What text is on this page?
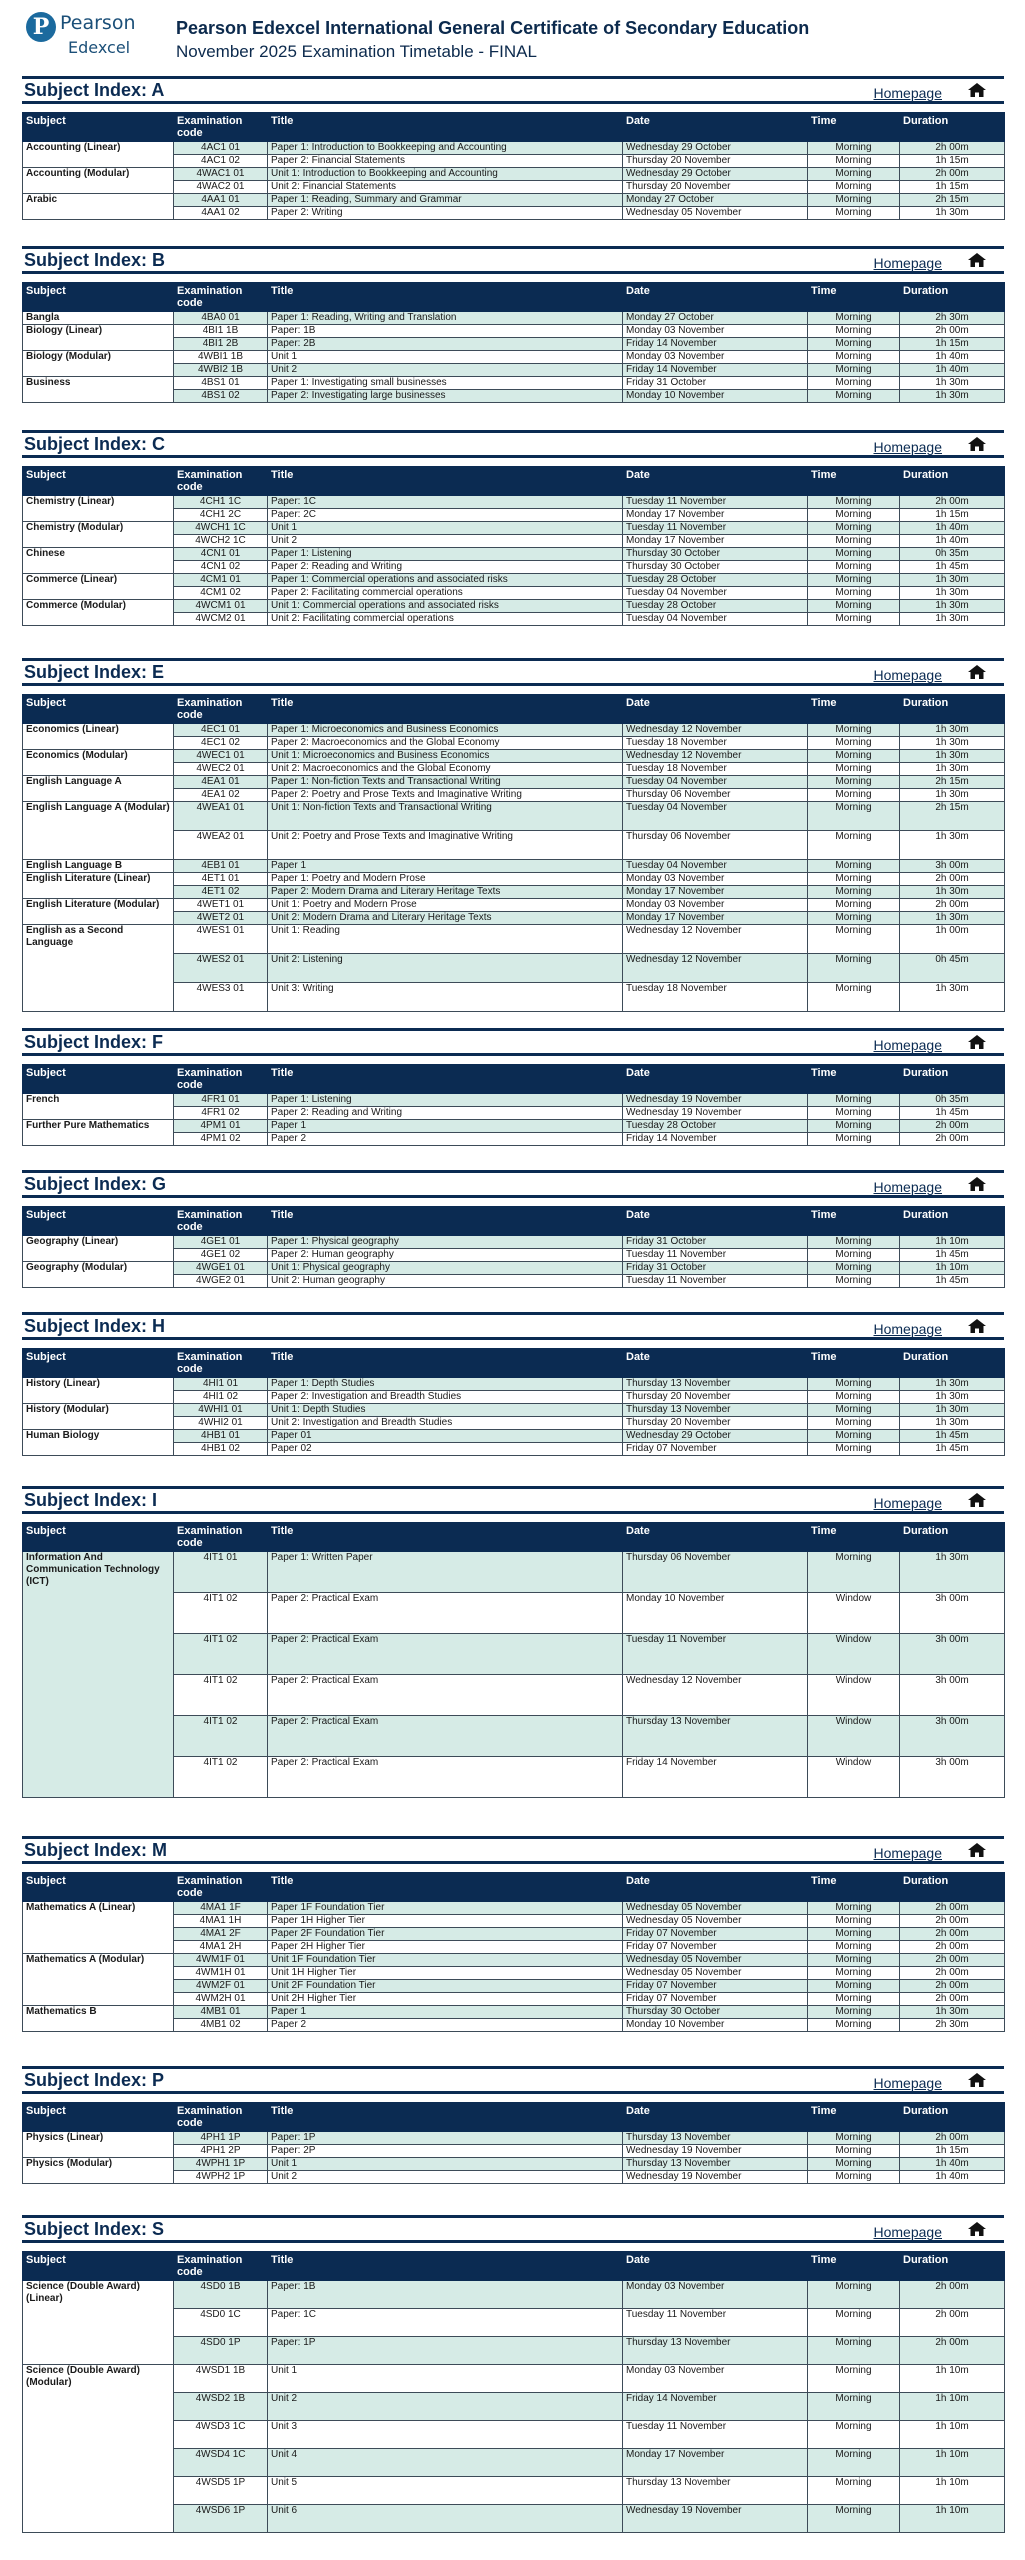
P Pearson
Edexcel
Pearson Edexcel International General Certificate of Secondary Education
November 2025 Examination Timetable - FINAL
Subject Index: A	Homepage
Subject	Examination code	Title	Date	Time	Duration
Accounting (Linear)	4AC1 01	Paper 1: Introduction to Bookkeeping and Accounting	Wednesday 29 October	Morning	2h 00m
	4AC1 02	Paper 2: Financial Statements	Thursday 20 November	Morning	1h 15m
Accounting (Modular)	4WAC1 01	Unit 1: Introduction to Bookkeeping and Accounting	Wednesday 29 October	Morning	2h 00m
	4WAC2 01	Unit 2: Financial Statements	Thursday 20 November	Morning	1h 15m
Arabic	4AA1 01	Paper 1: Reading, Summary and Grammar	Monday 27 October	Morning	2h 15m
	4AA1 02	Paper 2: Writing	Wednesday 05 November	Morning	1h 30m
Subject Index: B	Homepage
Subject	Examination code	Title	Date	Time	Duration
Bangla	4BA0 01	Paper 1: Reading, Writing and Translation	Monday 27 October	Morning	2h 30m
Biology (Linear)	4BI1 1B	Paper: 1B	Monday 03 November	Morning	2h 00m
	4BI1 2B	Paper: 2B	Friday 14 November	Morning	1h 15m
Biology (Modular)	4WBI1 1B	Unit 1	Monday 03 November	Morning	1h 40m
	4WBI2 1B	Unit 2	Friday 14 November	Morning	1h 40m
Business	4BS1 01	Paper 1: Investigating small businesses	Friday 31 October	Morning	1h 30m
	4BS1 02	Paper 2: Investigating large businesses	Monday 10 November	Morning	1h 30m
Subject Index: C	Homepage
Subject	Examination code	Title	Date	Time	Duration
Chemistry (Linear)	4CH1 1C	Paper: 1C	Tuesday 11 November	Morning	2h 00m
	4CH1 2C	Paper: 2C	Monday 17 November	Morning	1h 15m
Chemistry (Modular)	4WCH1 1C	Unit 1	Tuesday 11 November	Morning	1h 40m
	4WCH2 1C	Unit 2	Monday 17 November	Morning	1h 40m
Chinese	4CN1 01	Paper 1: Listening	Thursday 30 October	Morning	0h 35m
	4CN1 02	Paper 2: Reading and Writing	Thursday 30 October	Morning	1h 45m
Commerce (Linear)	4CM1 01	Paper 1: Commercial operations and associated risks	Tuesday 28 October	Morning	1h 30m
	4CM1 02	Paper 2: Facilitating commercial operations	Tuesday 04 November	Morning	1h 30m
Commerce (Modular)	4WCM1 01	Unit 1: Commercial operations and associated risks	Tuesday 28 October	Morning	1h 30m
	4WCM2 01	Unit 2: Facilitating commercial operations	Tuesday 04 November	Morning	1h 30m
Subject Index: E	Homepage
Subject	Examination code	Title	Date	Time	Duration
Economics (Linear)	4EC1 01	Paper 1: Microeconomics and Business Economics	Wednesday 12 November	Morning	1h 30m
	4EC1 02	Paper 2: Macroeconomics and the Global Economy	Tuesday 18 November	Morning	1h 30m
Economics (Modular)	4WEC1 01	Unit 1: Microeconomics and Business Economics	Wednesday 12 November	Morning	1h 30m
	4WEC2 01	Unit 2: Macroeconomics and the Global Economy	Tuesday 18 November	Morning	1h 30m
English Language A	4EA1 01	Paper 1: Non-fiction Texts and Transactional Writing	Tuesday 04 November	Morning	2h 15m
	4EA1 02	Paper 2: Poetry and Prose Texts and Imaginative Writing	Thursday 06 November	Morning	1h 30m
English Language A (Modular)	4WEA1 01	Unit 1: Non-fiction Texts and Transactional Writing	Tuesday 04 November	Morning	2h 15m
	4WEA2 01	Unit 2: Poetry and Prose Texts and Imaginative Writing	Thursday 06 November	Morning	1h 30m
English Language B	4EB1 01	Paper 1	Tuesday 04 November	Morning	3h 00m
English Literature (Linear)	4ET1 01	Paper 1: Poetry and Modern Prose	Monday 03 November	Morning	2h 00m
	4ET1 02	Paper 2: Modern Drama and Literary Heritage Texts	Monday 17 November	Morning	1h 30m
English Literature (Modular)	4WET1 01	Unit 1: Poetry and Modern Prose	Monday 03 November	Morning	2h 00m
	4WET2 01	Unit 2: Modern Drama and Literary Heritage Texts	Monday 17 November	Morning	1h 30m
English as a Second Language	4WES1 01	Unit 1: Reading	Wednesday 12 November	Morning	1h 00m
	4WES2 01	Unit 2: Listening	Wednesday 12 November	Morning	0h 45m
	4WES3 01	Unit 3: Writing	Tuesday 18 November	Morning	1h 30m
Subject Index: F	Homepage
Subject	Examination code	Title	Date	Time	Duration
French	4FR1 01	Paper 1: Listening	Wednesday 19 November	Morning	0h 35m
	4FR1 02	Paper 2: Reading and Writing	Wednesday 19 November	Morning	1h 45m
Further Pure Mathematics	4PM1 01	Paper 1	Tuesday 28 October	Morning	2h 00m
	4PM1 02	Paper 2	Friday 14 November	Morning	2h 00m
Subject Index: G	Homepage
Subject	Examination code	Title	Date	Time	Duration
Geography (Linear)	4GE1 01	Paper 1: Physical geography	Friday 31 October	Morning	1h 10m
	4GE1 02	Paper 2: Human geography	Tuesday 11 November	Morning	1h 45m
Geography (Modular)	4WGE1 01	Unit 1: Physical geography	Friday 31 October	Morning	1h 10m
	4WGE2 01	Unit 2: Human geography	Tuesday 11 November	Morning	1h 45m
Subject Index: H	Homepage
Subject	Examination code	Title	Date	Time	Duration
History (Linear)	4HI1 01	Paper 1: Depth Studies	Thursday 13 November	Morning	1h 30m
	4HI1 02	Paper 2: Investigation and Breadth Studies	Thursday 20 November	Morning	1h 30m
History (Modular)	4WHI1 01	Unit 1: Depth Studies	Thursday 13 November	Morning	1h 30m
	4WHI2 01	Unit 2: Investigation and Breadth Studies	Thursday 20 November	Morning	1h 30m
Human Biology	4HB1 01	Paper 01	Wednesday 29 October	Morning	1h 45m
	4HB1 02	Paper 02	Friday 07 November	Morning	1h 45m
Subject Index: I	Homepage
Subject	Examination code	Title	Date	Time	Duration
Information And Communication Technology (ICT)	4IT1 01	Paper 1: Written Paper	Thursday 06 November	Morning	1h 30m
	4IT1 02	Paper 2: Practical Exam	Monday 10 November	Window	3h 00m
	4IT1 02	Paper 2: Practical Exam	Tuesday 11 November	Window	3h 00m
	4IT1 02	Paper 2: Practical Exam	Wednesday 12 November	Window	3h 00m
	4IT1 02	Paper 2: Practical Exam	Thursday 13 November	Window	3h 00m
	4IT1 02	Paper 2: Practical Exam	Friday 14 November	Window	3h 00m
Subject Index: M	Homepage
Subject	Examination code	Title	Date	Time	Duration
Mathematics A (Linear)	4MA1 1F	Paper 1F Foundation Tier	Wednesday 05 November	Morning	2h 00m
	4MA1 1H	Paper 1H Higher Tier	Wednesday 05 November	Morning	2h 00m
	4MA1 2F	Paper 2F Foundation Tier	Friday 07 November	Morning	2h 00m
	4MA1 2H	Paper 2H Higher Tier	Friday 07 November	Morning	2h 00m
Mathematics A (Modular)	4WM1F 01	Unit 1F Foundation Tier	Wednesday 05 November	Morning	2h 00m
	4WM1H 01	Unit 1H Higher Tier	Wednesday 05 November	Morning	2h 00m
	4WM2F 01	Unit 2F Foundation Tier	Friday 07 November	Morning	2h 00m
	4WM2H 01	Unit 2H Higher Tier	Friday 07 November	Morning	2h 00m
Mathematics B	4MB1 01	Paper 1	Thursday 30 October	Morning	1h 30m
	4MB1 02	Paper 2	Monday 10 November	Morning	2h 30m
Subject Index: P	Homepage
Subject	Examination code	Title	Date	Time	Duration
Physics (Linear)	4PH1 1P	Paper: 1P	Thursday 13 November	Morning	2h 00m
	4PH1 2P	Paper: 2P	Wednesday 19 November	Morning	1h 15m
Physics (Modular)	4WPH1 1P	Unit 1	Thursday 13 November	Morning	1h 40m
	4WPH2 1P	Unit 2	Wednesday 19 November	Morning	1h 40m
Subject Index: S	Homepage
Subject	Examination code	Title	Date	Time	Duration
Science (Double Award) (Linear)	4SD0 1B	Paper: 1B	Monday 03 November	Morning	2h 00m
	4SD0 1C	Paper: 1C	Tuesday 11 November	Morning	2h 00m
	4SD0 1P	Paper: 1P	Thursday 13 November	Morning	2h 00m
Science (Double Award) (Modular)	4WSD1 1B	Unit 1	Monday 03 November	Morning	1h 10m
	4WSD2 1B	Unit 2	Friday 14 November	Morning	1h 10m
	4WSD3 1C	Unit 3	Tuesday 11 November	Morning	1h 10m
	4WSD4 1C	Unit 4	Monday 17 November	Morning	1h 10m
	4WSD5 1P	Unit 5	Thursday 13 November	Morning	1h 10m
	4WSD6 1P	Unit 6	Wednesday 19 November	Morning	1h 10m
